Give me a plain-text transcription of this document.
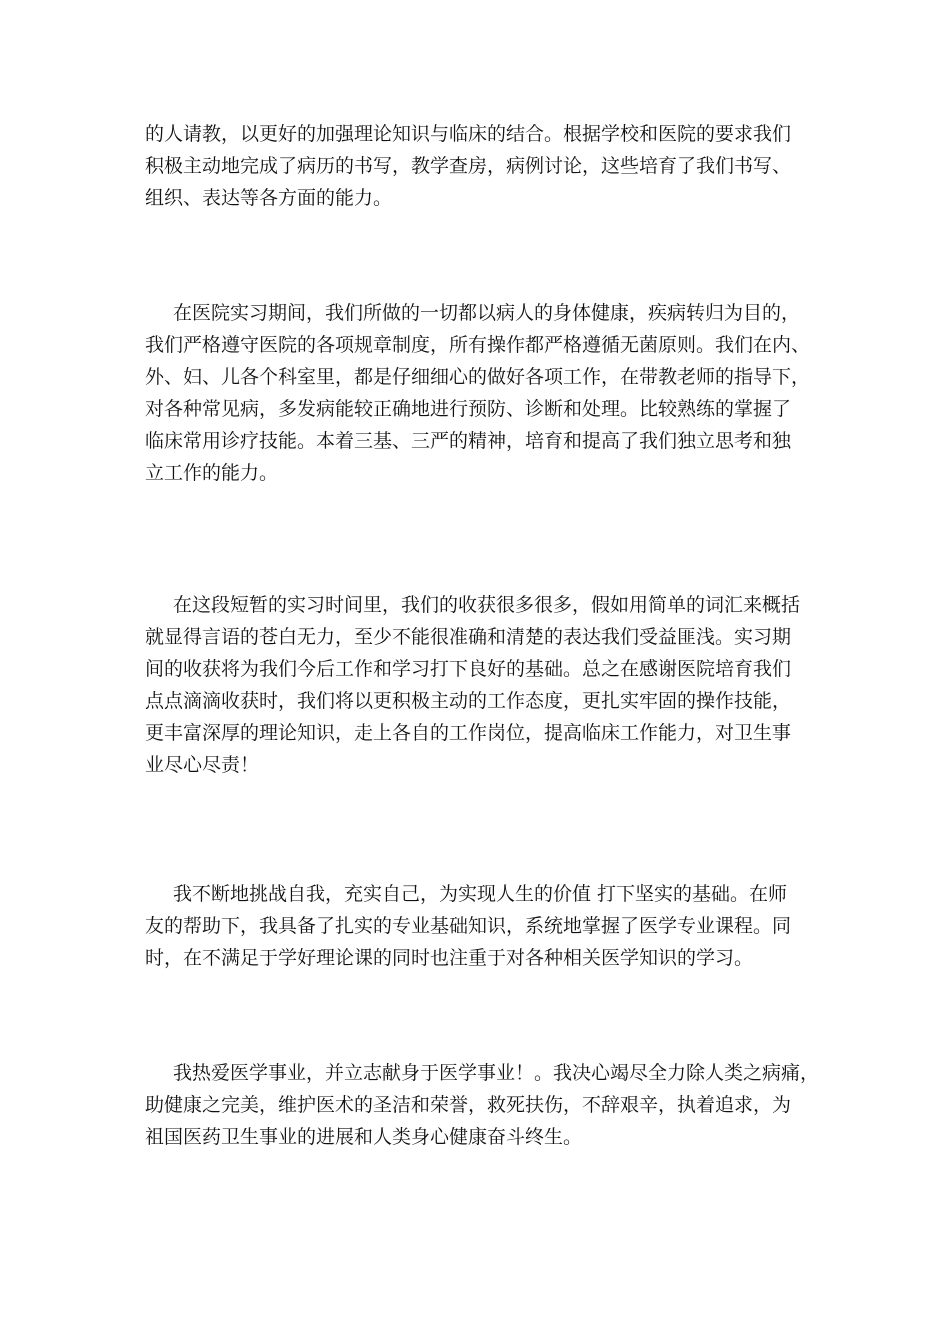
的人请教，以更好的加强理论知识与临床的结合。根据学校和医院的要求我们
积极主动地完成了病历的书写，教学查房，病例讨论，这些培育了我们书写、
组织、表达等各方面的能力。
在医院实习期间，我们所做的一切都以病人的身体健康，疾病转归为目的，
我们严格遵守医院的各项规章制度，所有操作都严格遵循无菌原则。我们在内、
外、妇、儿各个科室里，都是仔细细心的做好各项工作，在带教老师的指导下，
对各种常见病，多发病能较正确地进行预防、诊断和处理。比较熟练的掌握了
临床常用诊疗技能。本着三基、三严的精神，培育和提高了我们独立思考和独
立工作的能力。
在这段短暂的实习时间里，我们的收获很多很多，假如用简单的词汇来概括
就显得言语的苍白无力，至少不能很准确和清楚的表达我们受益匪浅。实习期
间的收获将为我们今后工作和学习打下良好的基础。总之在感谢医院培育我们
点点滴滴收获时，我们将以更积极主动的工作态度，更扎实牢固的操作技能，
更丰富深厚的理论知识，走上各自的工作岗位，提高临床工作能力，对卫生事
业尽心尽责！
我不断地挑战自我，充实自己，为实现人生的价值 打下坚实的基础。在师
友的帮助下，我具备了扎实的专业基础知识，系统地掌握了医学专业课程。同
时，在不满足于学好理论课的同时也注重于对各种相关医学知识的学习。
我热爱医学事业，并立志献身于医学事业！。我决心竭尽全力除人类之病痛，
助健康之完美，维护医术的圣洁和荣誉，救死扶伤，不辞艰辛，执着追求，为
祖国医药卫生事业的进展和人类身心健康奋斗终生。
